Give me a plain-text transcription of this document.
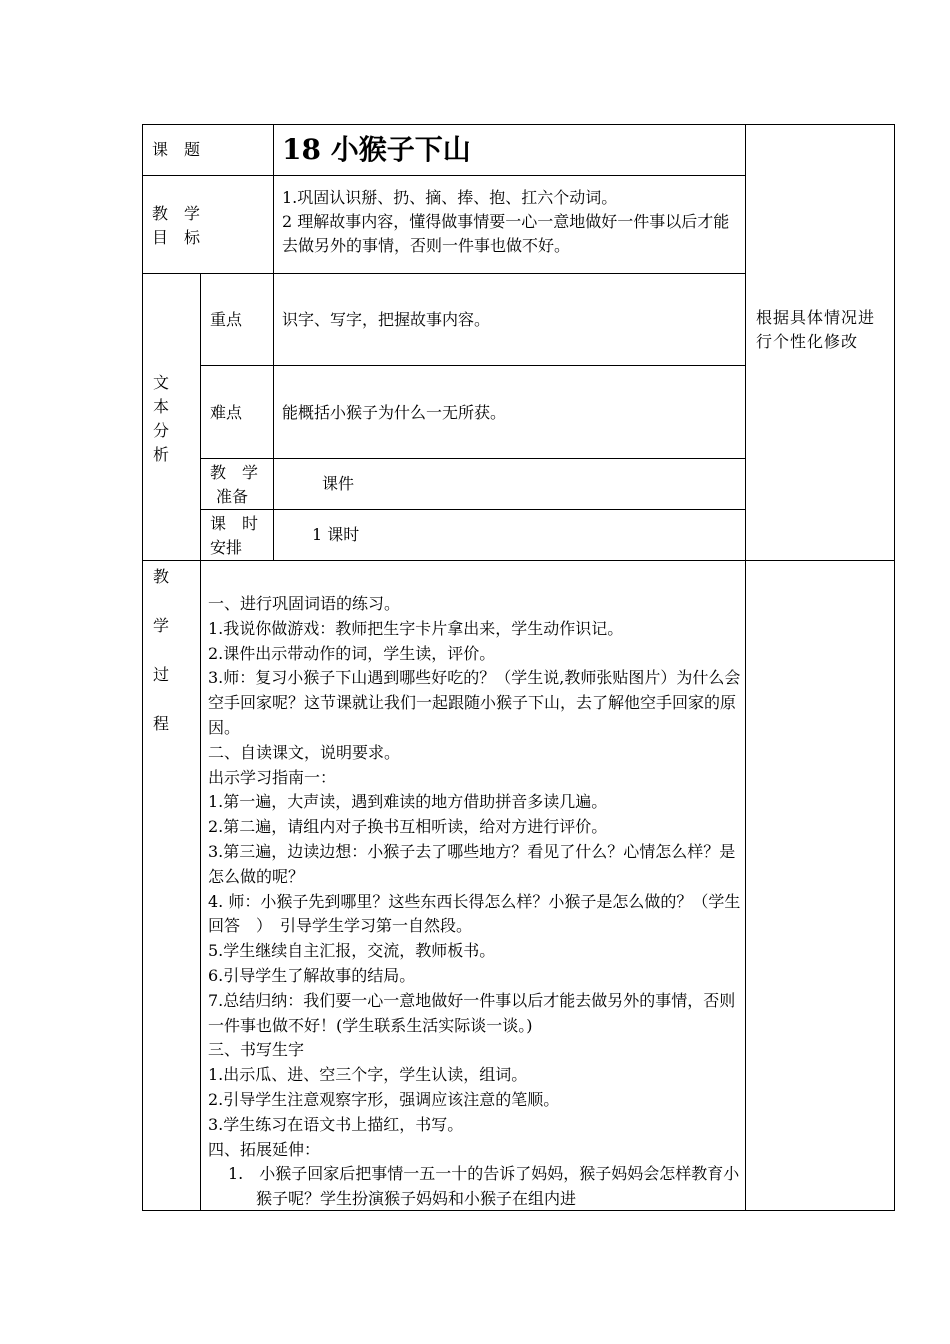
课　题	18 小猴子下山
教　学
目　标
1.巩固认识掰、扔、摘、捧、抱、扛六个动词。
2 理解故事内容，懂得做事情要一心一意地做好一件事以后才能去做另外的事情，否则一件事也做不好。
文
本
分
析
重点 识字、写字，把握故事内容。
难点 能概括小猴子为什么一无所获。
教　学
准备
课件
课　时
安排
1 课时
根据具体情况进行个性化修改
教
学
过
程

一、进行巩固词语的练习。

1.我说你做游戏：教师把生字卡片拿出来，学生动作识记。

2.课件出示带动作的词，学生读，评价。

3.师：复习小猴子下山遇到哪些好吃的？（学生说,教师张贴图片）为什么会空手回家呢？这节课就让我们一起跟随小猴子下山，去了解他空手回家的原因。

二、自读课文，说明要求。

出示学习指南一：

1.第一遍，大声读，遇到难读的地方借助拼音多读几遍。

2.第二遍，请组内对子换书互相听读，给对方进行评价。

3.第三遍，边读边想：小猴子去了哪些地方？看见了什么？心情怎么样？是怎么做的呢？

4. 师：小猴子先到哪里？这些东西长得怎么样？小猴子是怎么做的？（学生回答　）　引导学生学习第一自然段。

5.学生继续自主汇报，交流，教师板书。

6.引导学生了解故事的结局。

7.总结归纳：我们要一心一意地做好一件事以后才能去做另外的事情，否则一件事也做不好！(学生联系生活实际谈一谈。)

三、书写生字

1.出示瓜、进、空三个字，学生认读，组词。

2.引导学生注意观察字形，强调应该注意的笔顺。

3.学生练习在语文书上描红，书写。

四、拓展延伸：

1.　小猴子回家后把事情一五一十的告诉了妈妈，猴子妈妈会怎样教育小猴子呢？学生扮演猴子妈妈和小猴子在组内进
